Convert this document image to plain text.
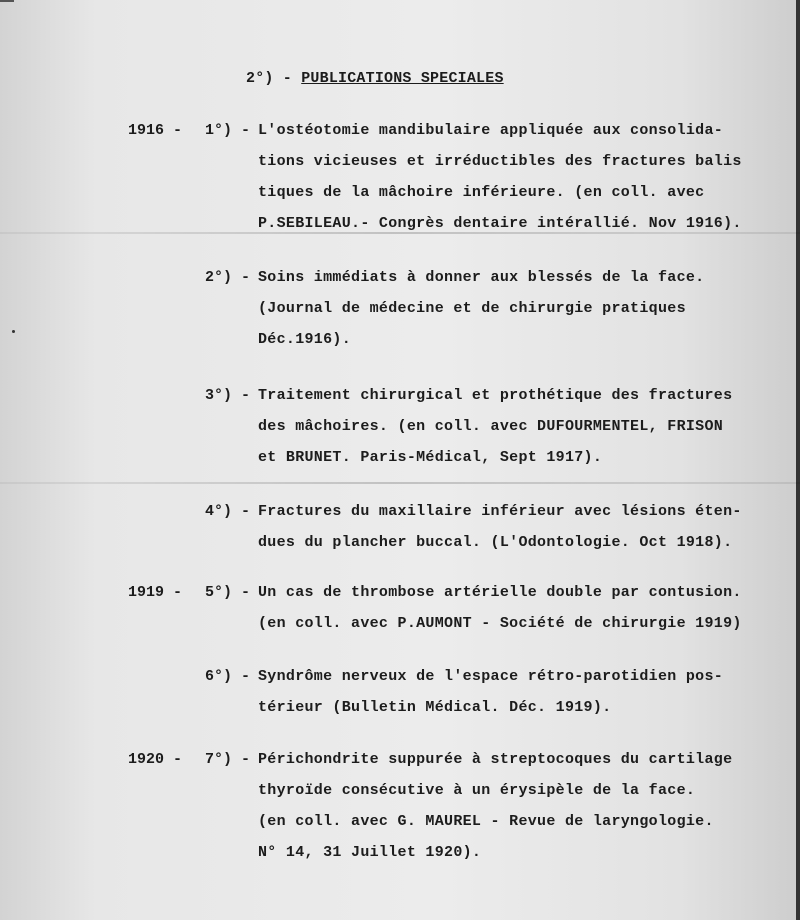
2°) - PUBLICATIONS SPECIALES
1916 -	1°) - L'ostéotomie mandibulaire appliquée aux consolida-
tions vicieuses et irréductibles des fractures balis
tiques de la mâchoire inférieure. (en coll. avec
P.SEBILEAU.- Congrès dentaire intérallié. Nov 1916).
2°) - Soins immédiats à donner aux blessés de la face.
(Journal de médecine et de chirurgie pratiques
Déc.1916).
3°) - Traitement chirurgical et prothétique des fractures
des mâchoires. (en coll. avec DUFOURMENTEL, FRISON
et BRUNET. Paris-Médical, Sept 1917).
4°) - Fractures du maxillaire inférieur avec lésions éten-
dues du plancher buccal. (L'Odontologie. Oct 1918).
1919 -	5°) - Un cas de thrombose artérielle double par contusion.
(en coll. avec P.AUMONT - Société de chirurgie 1919)
6°) - Syndrôme nerveux de l'espace rétro-parotidien pos-
térieur (Bulletin Médical. Déc. 1919).
1920 -	7°) - Périchondrite suppurée à streptocoques du cartilage
thyroïde consécutive à un érysipèle de la face.
(en coll. avec G. MAUREL - Revue de laryngologie.
N° 14, 31 Juillet 1920).
